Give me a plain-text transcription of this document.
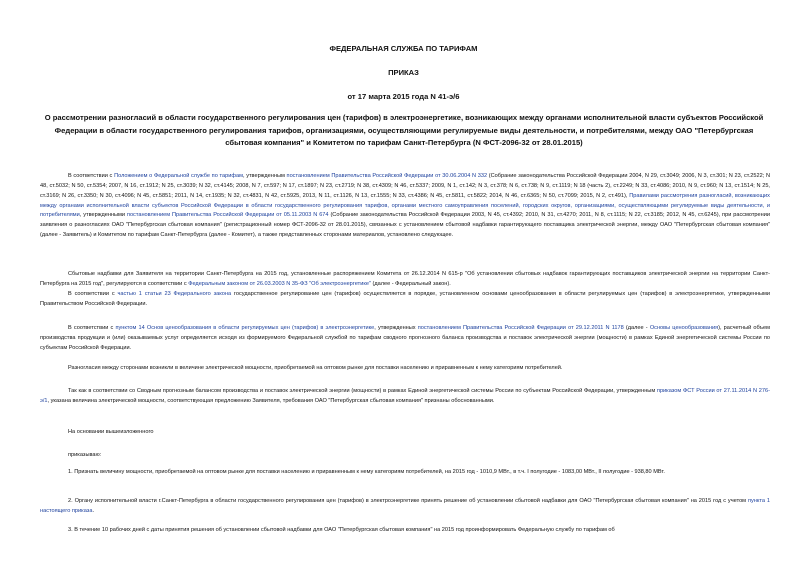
ФЕДЕРАЛЬНАЯ СЛУЖБА ПО ТАРИФАМ
ПРИКАЗ
от 17 марта 2015 года N 41-э/6
О рассмотрении разногласий в области государственного регулирования цен (тарифов) в электроэнергетике, возникающих между органами исполнительной власти субъектов Российской Федерации в области государственного регулирования тарифов, организациями, осуществляющими регулируемые виды деятельности, и потребителями, между ОАО "Петербургская сбытовая компания" и Комитетом по тарифам Санкт-Петербурга (N ФСТ-2096-32 от 28.01.2015)

В соответствии с Положением о Федеральной службе по тарифам, утвержденным постановлением Правительства Российской Федерации от 30.06.2004 N 332 (Собрание законодательства Российской Федерации 2004, N 29, ст.3049; 2006, N 3, ст.301; N 23, ст.2522; N 48, ст.5032; N 50, ст.5354; 2007, N 16, ст.1912; N 25, ст.3039; N 32, ст.4145; 2008, N 7, ст.597; N 17, ст.1897; N 23, ст.2719; N 38, ст.4309; N 46, ст.5337; 2009, N 1, ст.142; N 3, ст.378; N 6, ст.738; N 9, ст.1119; N 18 (часть 2), ст.2249; N 33, ст.4086; 2010, N 9, ст.960; N 13, ст.1514; N 25, ст.3169; N 26, ст.3350; N 30, ст.4096; N 45, ст.5851; 2011, N 14, ст.1935; N 32, ст.4831, N 42, ст.5925, 2013, N 11, ст.1126, N 13, ст.1555; N 33, ст.4386; N 45, ст.5811, ст.5822; 2014, N 46, ст.6365; N 50, ст.7099; 2015, N 2, ст.491), Правилами рассмотрения разногласий, возникающих между органами исполнительной власти субъектов Российской Федерации в области государственного регулирования тарифов, органами местного самоуправления поселений, городских округов, организациями, осуществляющими регулируемые виды деятельности, и потребителями, утвержденными постановлением Правительства Российской Федерации от 05.11.2003 N 674 (Собрание законодательства Российской Федерации 2003, N 45, ст.4392; 2010, N 31, ст.4270; 2011, N 8, ст.1115; N 22, ст.3185; 2012, N 45, ст.6245), при рассмотрении заявления о разногласиях ОАО "Петербургская сбытовая компания" (регистрационный номер ФСТ-2096-32 от 28.01.2015), связанных с установлением сбытовой надбавки гарантирующего поставщика электрической энергии, между ОАО "Петербургская сбытовая компания" (далее - Заявитель) и Комитетом по тарифам Санкт-Петербурга (далее - Комитет), а также представленных сторонами материалов, установлено следующее.

Сбытовые надбавки для Заявителя на территории Санкт-Петербурга на 2015 год, установленные распоряжением Комитета от 26.12.2014 N 615-р "Об установлении сбытовых надбавок гарантирующих поставщиков электрической энергии на территории Санкт-Петербурга на 2015 год", регулируются в соответствии с Федеральным законом от 26.03.2003 N 35-ФЗ "Об электроэнергетике" (далее - Федеральный закон).

В соответствии с частью 1 статьи 23 Федерального закона государственное регулирование цен (тарифов) осуществляется в порядке, установленном основами ценообразования в области регулируемых цен (тарифов) в электроэнергетике, утвержденными Правительством Российской Федерации.

В соответствии с пунктом 14 Основ ценообразования в области регулируемых цен (тарифов) в электроэнергетике, утвержденных постановлением Правительства Российской Федерации от 29.12.2011 N 1178 (далее - Основы ценообразования), расчетный объем производства продукции и (или) оказываемых услуг определяется исходя из формируемого Федеральной службой по тарифам сводного прогнозного баланса производства и поставок электрической энергии (мощности) в рамках Единой энергетической системы России по субъектам Российской Федерации.

Разногласия между сторонами возникли в величине электрической мощности, приобретаемой на оптовом рынке для поставки населению и приравненным к нему категориям потребителей.

Так как в соответствии со Сводным прогнозным балансом производства и поставок электрической энергии (мощности) в рамках Единой энергетической системы России по субъектам Российской Федерации, утвержденным приказом ФСТ России от 27.11.2014 N 276-э/1, указана величина электрической мощности, соответствующая предложению Заявителя, требования ОАО "Петербургская сбытовая компания" признаны обоснованными.

На основании вышеизложенного

приказываю:

1. Признать величину мощности, приобретаемой на оптовом рынке для поставки населению и приравненным к нему категориям потребителей, на 2015 год - 1010,9 МВт., в т.ч. I полугодие - 1083,00 МВт., II полугодие - 938,80 МВт.

2. Органу исполнительной власти г.Санкт-Петербурга в области государственного регулирования цен (тарифов) в электроэнергетике принять решение об установлении сбытовой надбавки для ОАО "Петербургская сбытовая компания" на 2015 год с учетом пункта 1 настоящего приказа.

3. В течение 10 рабочих дней с даты принятия решения об установлении сбытовой надбавки для ОАО "Петербургская сбытовая компания" на 2015 год проинформировать Федеральную службу по тарифам об
